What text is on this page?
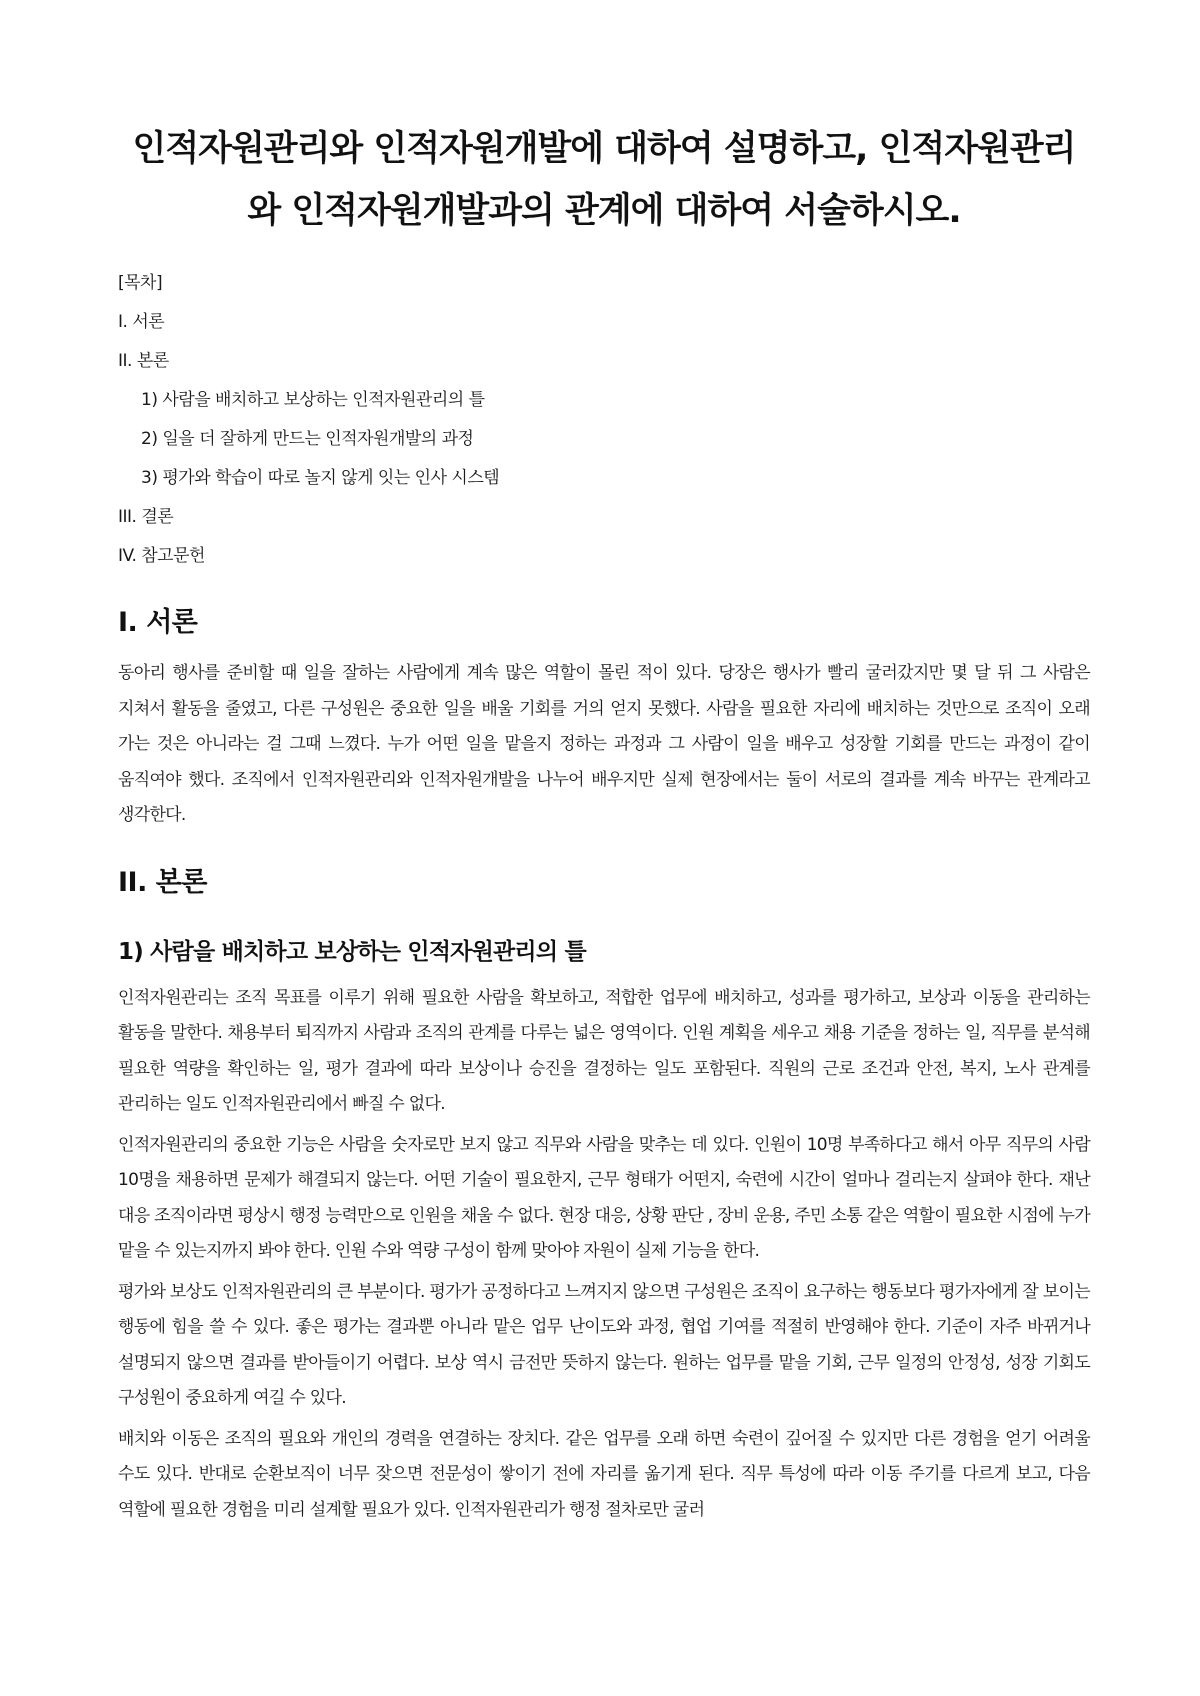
인적자원관리와 인적자원개발에 대하여 설명하고, 인적자원관리와 인적자원개발과의 관계에 대하여 서술하시오.

[목차]

I. 서론

II. 본론

1) 사람을 배치하고 보상하는 인적자원관리의 틀

2) 일을 더 잘하게 만드는 인적자원개발의 과정

3) 평가와 학습이 따로 놀지 않게 잇는 인사 시스템

III. 결론

IV. 참고문헌

I. 서론

동아리 행사를 준비할 때 일을 잘하는 사람에게 계속 많은 역할이 몰린 적이 있다. 당장은 행사가 빨리 굴러갔지만 몇 달 뒤 그 사람은 지쳐서 활동을 줄였고, 다른 구성원은 중요한 일을 배울 기회를 거의 얻지 못했다. 사람을 필요한 자리에 배치하는 것만으로 조직이 오래 가는 것은 아니라는 걸 그때 느꼈다. 누가 어떤 일을 맡을지 정하는 과정과 그 사람이 일을 배우고 성장할 기회를 만드는 과정이 같이 움직여야 했다. 조직에서 인적자원관리와 인적자원개발을 나누어 배우지만 실제 현장에서는 둘이 서로의 결과를 계속 바꾸는 관계라고 생각한다.

II. 본론
1) 사람을 배치하고 보상하는 인적자원관리의 틀

인적자원관리는 조직 목표를 이루기 위해 필요한 사람을 확보하고, 적합한 업무에 배치하고, 성과를 평가하고, 보상과 이동을 관리하는 활동을 말한다. 채용부터 퇴직까지 사람과 조직의 관계를 다루는 넓은 영역이다. 인원 계획을 세우고 채용 기준을 정하는 일, 직무를 분석해 필요한 역량을 확인하는 일, 평가 결과에 따라 보상이나 승진을 결정하는 일도 포함된다. 직원의 근로 조건과 안전, 복지, 노사 관계를 관리하는 일도 인적자원관리에서 빠질 수 없다.

인적자원관리의 중요한 기능은 사람을 숫자로만 보지 않고 직무와 사람을 맞추는 데 있다. 인원이 10명 부족하다고 해서 아무 직무의 사람 10명을 채용하면 문제가 해결되지 않는다. 어떤 기술이 필요한지, 근무 형태가 어떤지, 숙련에 시간이 얼마나 걸리는지 살펴야 한다. 재난 대응 조직이라면 평상시 행정 능력만으로 인원을 채울 수 없다. 현장 대응, 상황 판단 , 장비 운용, 주민 소통 같은 역할이 필요한 시점에 누가 맡을 수 있는지까지 봐야 한다. 인원 수와 역량 구성이 함께 맞아야 자원이 실제 기능을 한다.

평가와 보상도 인적자원관리의 큰 부분이다. 평가가 공정하다고 느껴지지 않으면 구성원은 조직이 요구하는 행동보다 평가자에게 잘 보이는 행동에 힘을 쓸 수 있다. 좋은 평가는 결과뿐 아니라 맡은 업무 난이도와 과정, 협업 기여를 적절히 반영해야 한다. 기준이 자주 바뀌거나 설명되지 않으면 결과를 받아들이기 어렵다. 보상 역시 금전만 뜻하지 않는다. 원하는 업무를 맡을 기회, 근무 일정의 안정성, 성장 기회도 구성원이 중요하게 여길 수 있다.

배치와 이동은 조직의 필요와 개인의 경력을 연결하는 장치다. 같은 업무를 오래 하면 숙련이 깊어질 수 있지만 다른 경험을 얻기 어려울 수도 있다. 반대로 순환보직이 너무 잦으면 전문성이 쌓이기 전에 자리를 옮기게 된다. 직무 특성에 따라 이동 주기를 다르게 보고, 다음 역할에 필요한 경험을 미리 설계할 필요가 있다. 인적자원관리가 행정 절차로만 굴러
